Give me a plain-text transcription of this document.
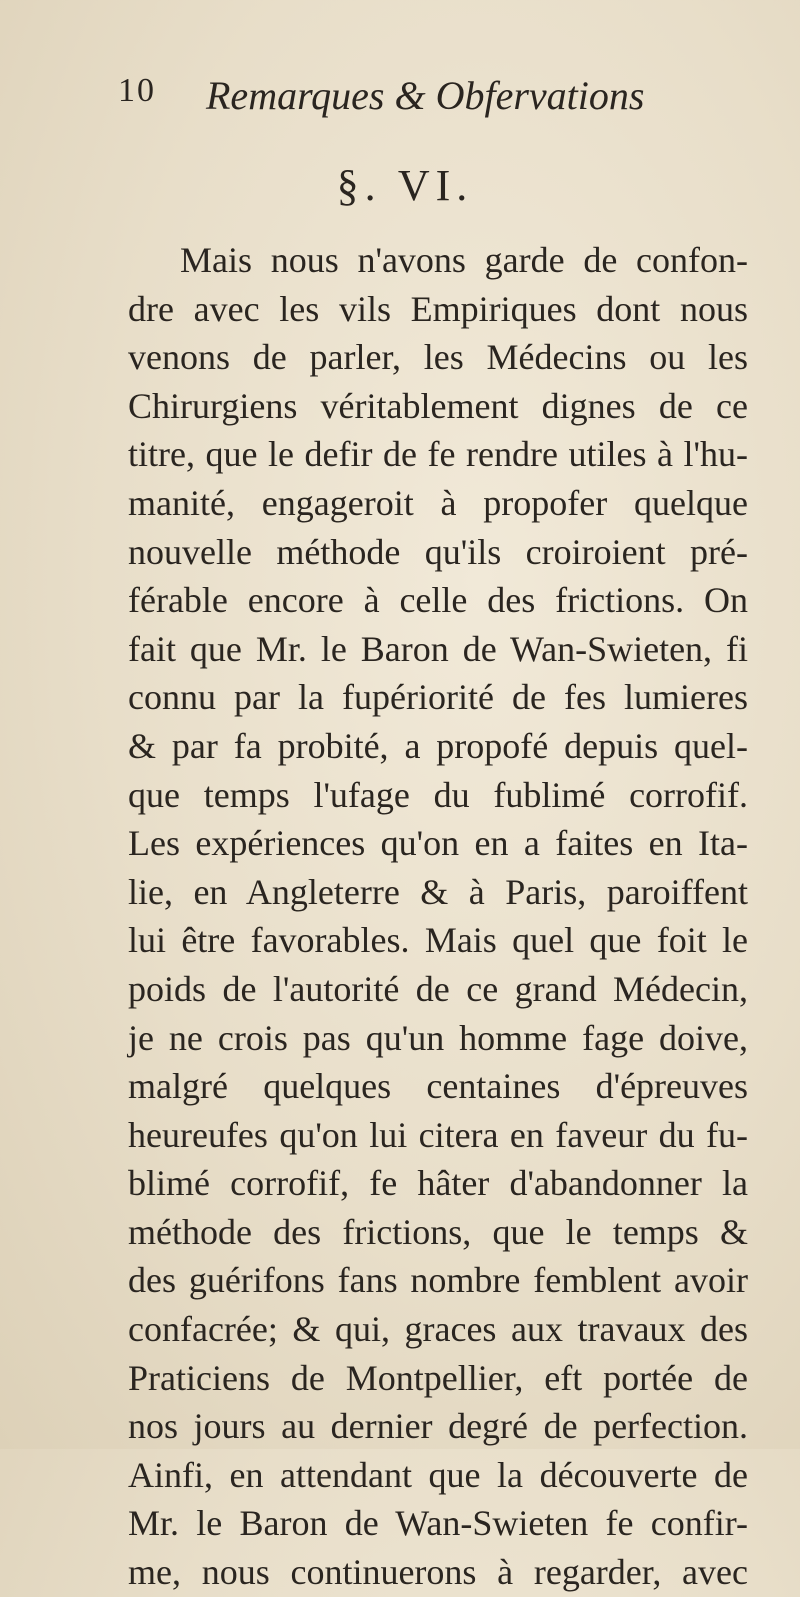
10 Remarques & Obfervations
§. VI.
Mais nous n'avons garde de confon-
dre avec les vils Empiriques dont nous
venons de parler, les Médecins ou les
Chirurgiens véritablement dignes de ce
titre, que le defir de fe rendre utiles à l'hu-
manité, engageroit à propofer quelque
nouvelle méthode qu'ils croiroient pré-
férable encore à celle des frictions. On
fait que Mr. le Baron de Wan-Swieten, fi
connu par la fupériorité de fes lumieres
& par fa probité, a propofé depuis quel-
que temps l'ufage du fublimé corrofif.
Les expériences qu'on en a faites en Ita-
lie, en Angleterre & à Paris, paroiffent
lui être favorables. Mais quel que foit le
poids de l'autorité de ce grand Médecin,
je ne crois pas qu'un homme fage doive,
malgré quelques centaines d'épreuves
heureufes qu'on lui citera en faveur du fu-
blimé corrofif, fe hâter d'abandonner la
méthode des frictions, que le temps &
des guérifons fans nombre femblent avoir
confacrée; & qui, graces aux travaux des
Praticiens de Montpellier, eft portée de
nos jours au dernier degré de perfection.
Ainfi, en attendant que la découverte de
Mr. le Baron de Wan-Swieten fe confir-
me, nous continuerons à regarder, avec
